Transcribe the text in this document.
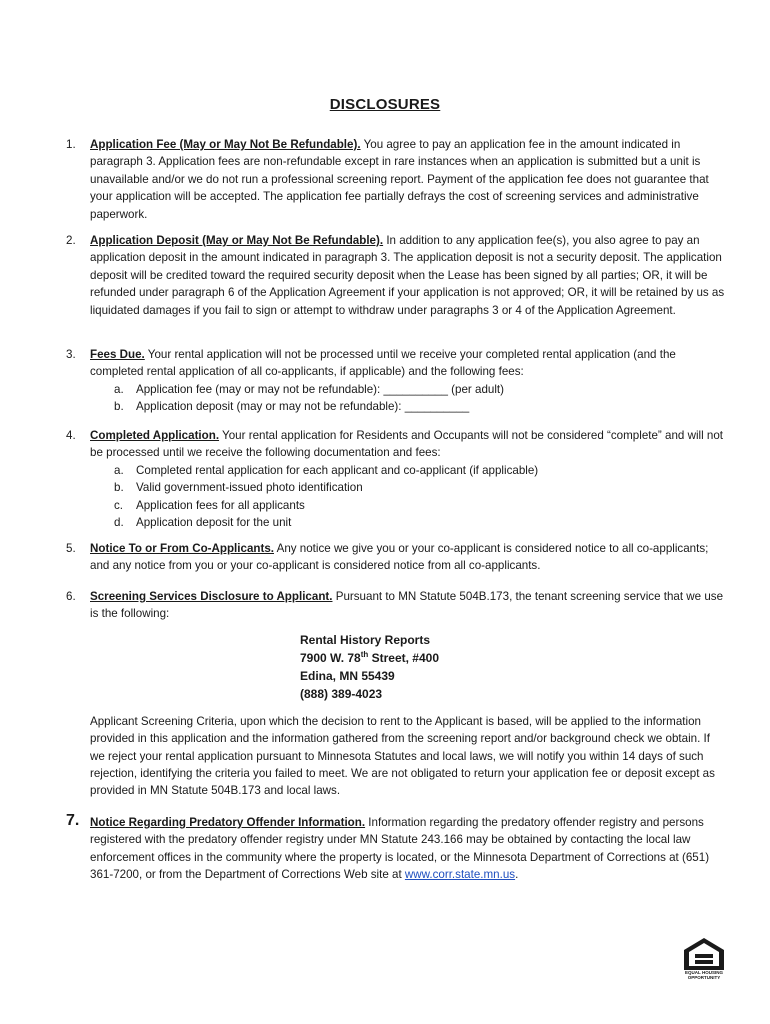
DISCLOSURES
1.	Application Fee (May or May Not Be Refundable). You agree to pay an application fee in the amount indicated in paragraph 3. Application fees are non-refundable except in rare instances when an application is submitted but a unit is unavailable and/or we do not run a professional screening report. Payment of the application fee does not guarantee that your application will be accepted. The application fee partially defrays the cost of screening services and administrative paperwork.
2.	Application Deposit (May or May Not Be Refundable). In addition to any application fee(s), you also agree to pay an application deposit in the amount indicated in paragraph 3. The application deposit is not a security deposit. The application deposit will be credited toward the required security deposit when the Lease has been signed by all parties; OR, it will be refunded under paragraph 6 of the Application Agreement if your application is not approved; OR, it will be retained by us as liquidated damages if you fail to sign or attempt to withdraw under paragraphs 3 or 4 of the Application Agreement.
3.	Fees Due. Your rental application will not be processed until we receive your completed rental application (and the completed rental application of all co-applicants, if applicable) and the following fees:
a. Application fee (may or may not be refundable): __________ (per adult)
b. Application deposit (may or may not be refundable): __________
4.	Completed Application. Your rental application for Residents and Occupants will not be considered “complete” and will not be processed until we receive the following documentation and fees:
a. Completed rental application for each applicant and co-applicant (if applicable)
b. Valid government-issued photo identification
c. Application fees for all applicants
d. Application deposit for the unit
5.	Notice To or From Co-Applicants. Any notice we give you or your co-applicant is considered notice to all co-applicants; and any notice from you or your co-applicant is considered notice from all co-applicants.
6.	Screening Services Disclosure to Applicant. Pursuant to MN Statute 504B.173, the tenant screening service that we use is the following:
Rental History Reports
7900 W. 78th Street, #400
Edina, MN 55439
(888) 389-4023
Applicant Screening Criteria, upon which the decision to rent to the Applicant is based, will be applied to the information provided in this application and the information gathered from the screening report and/or background check we obtain. If we reject your rental application pursuant to Minnesota Statutes and local laws, we will notify you within 14 days of such rejection, identifying the criteria you failed to meet. We are not obligated to return your application fee or deposit except as provided in MN Statute 504B.173 and local laws.
7. Notice Regarding Predatory Offender Information. Information regarding the predatory offender registry and persons registered with the predatory offender registry under MN Statute 243.166 may be obtained by contacting the local law enforcement offices in the community where the property is located, or the Minnesota Department of Corrections at (651) 361-7200, or from the Department of Corrections Web site at www.corr.state.mn.us.
EQUAL HOUSING
OPPORTUNITY
